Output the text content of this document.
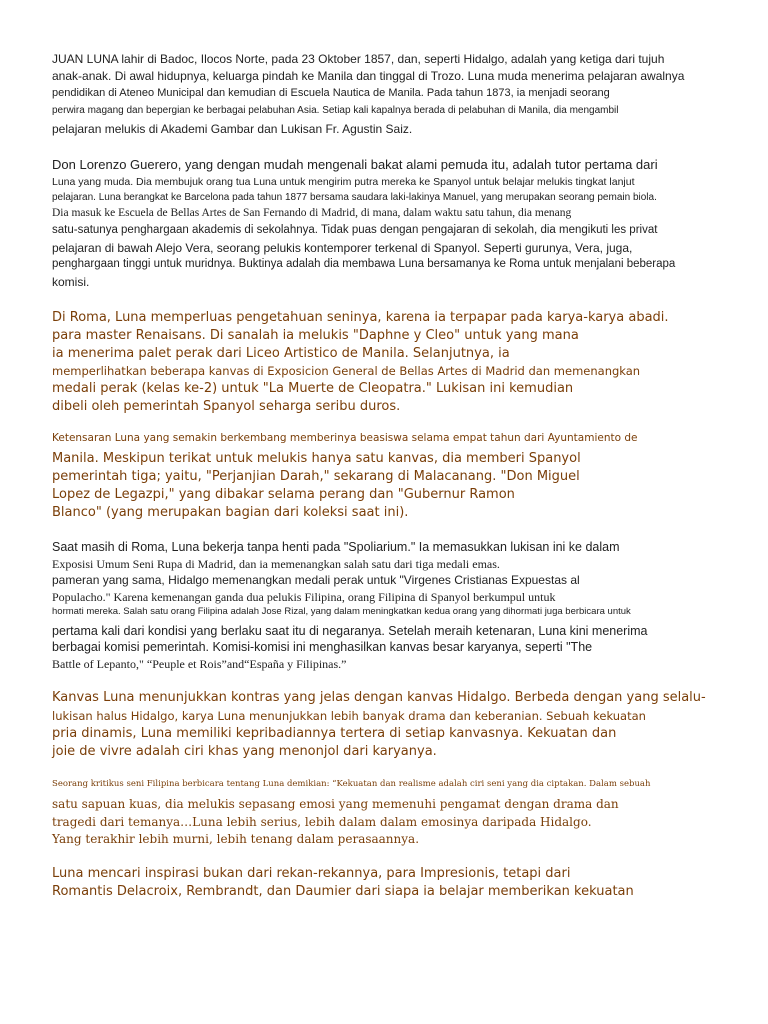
JUAN LUNA lahir di Badoc, Ilocos Norte, pada 23 Oktober 1857, dan, seperti Hidalgo, adalah yang ketiga dari tujuh

anak-anak. Di awal hidupnya, keluarga pindah ke Manila dan tinggal di Trozo. Luna muda menerima pelajaran awalnya

pendidikan di Ateneo Municipal dan kemudian di Escuela Nautica de Manila. Pada tahun 1873, ia menjadi seorang

perwira magang dan bepergian ke berbagai pelabuhan Asia. Setiap kali kapalnya berada di pelabuhan di Manila, dia mengambil

pelajaran melukis di Akademi Gambar dan Lukisan Fr. Agustin Saiz.

Don Lorenzo Guerero, yang dengan mudah mengenali bakat alami pemuda itu, adalah tutor pertama dari

Luna yang muda. Dia membujuk orang tua Luna untuk mengirim putra mereka ke Spanyol untuk belajar melukis tingkat lanjut

pelajaran. Luna berangkat ke Barcelona pada tahun 1877 bersama saudara laki-lakinya Manuel, yang merupakan seorang pemain biola.

Dia masuk ke Escuela de Bellas Artes de San Fernando di Madrid, di mana, dalam waktu satu tahun, dia menang

satu-satunya penghargaan akademis di sekolahnya. Tidak puas dengan pengajaran di sekolah, dia mengikuti les privat

pelajaran di bawah Alejo Vera, seorang pelukis kontemporer terkenal di Spanyol. Seperti gurunya, Vera, juga,

penghargaan tinggi untuk muridnya. Buktinya adalah dia membawa Luna bersamanya ke Roma untuk menjalani beberapa

komisi.

Di Roma, Luna memperluas pengetahuan seninya, karena ia terpapar pada karya-karya abadi.

para master Renaisans. Di sanalah ia melukis "Daphne y Cleo" untuk yang mana

ia menerima palet perak dari Liceo Artistico de Manila. Selanjutnya, ia

memperlihatkan beberapa kanvas di Exposicion General de Bellas Artes di Madrid dan memenangkan

medali perak (kelas ke-2) untuk "La Muerte de Cleopatra." Lukisan ini kemudian

dibeli oleh pemerintah Spanyol seharga seribu duros.

Ketensaran Luna yang semakin berkembang memberinya beasiswa selama empat tahun dari Ayuntamiento de

Manila. Meskipun terikat untuk melukis hanya satu kanvas, dia memberi Spanyol

pemerintah tiga; yaitu, "Perjanjian Darah," sekarang di Malacanang. "Don Miguel

Lopez de Legazpi," yang dibakar selama perang dan "Gubernur Ramon

Blanco" (yang merupakan bagian dari koleksi saat ini).

Saat masih di Roma, Luna bekerja tanpa henti pada "Spoliarium." Ia memasukkan lukisan ini ke dalam

Exposisi Umum Seni Rupa di Madrid, dan ia memenangkan salah satu dari tiga medali emas.

pameran yang sama, Hidalgo memenangkan medali perak untuk "Virgenes Cristianas Expuestas al

Populacho." Karena kemenangan ganda dua pelukis Filipina, orang Filipina di Spanyol berkumpul untuk

hormati mereka. Salah satu orang Filipina adalah Jose Rizal, yang dalam meningkatkan kedua orang yang dihormati juga berbicara untuk

pertama kali dari kondisi yang berlaku saat itu di negaranya. Setelah meraih ketenaran, Luna kini menerima

berbagai komisi pemerintah. Komisi-komisi ini menghasilkan kanvas besar karyanya, seperti "The

Battle of Lepanto," “Peuple et Rois”and“España y Filipinas.”

Kanvas Luna menunjukkan kontras yang jelas dengan kanvas Hidalgo. Berbeda dengan yang selalu-

lukisan halus Hidalgo, karya Luna menunjukkan lebih banyak drama dan keberanian. Sebuah kekuatan

pria dinamis, Luna memiliki kepribadiannya tertera di setiap kanvasnya. Kekuatan dan

joie de vivre adalah ciri khas yang menonjol dari karyanya.

Seorang kritikus seni Filipina berbicara tentang Luna demikian: “Kekuatan dan realisme adalah ciri seni yang dia ciptakan. Dalam sebuah

satu sapuan kuas, dia melukis sepasang emosi yang memenuhi pengamat dengan drama dan

tragedi dari temanya…Luna lebih serius, lebih dalam dalam emosinya daripada Hidalgo.

Yang terakhir lebih murni, lebih tenang dalam perasaannya.

Luna mencari inspirasi bukan dari rekan-rekannya, para Impresionis, tetapi dari

Romantis Delacroix, Rembrandt, dan Daumier dari siapa ia belajar memberikan kekuatan
